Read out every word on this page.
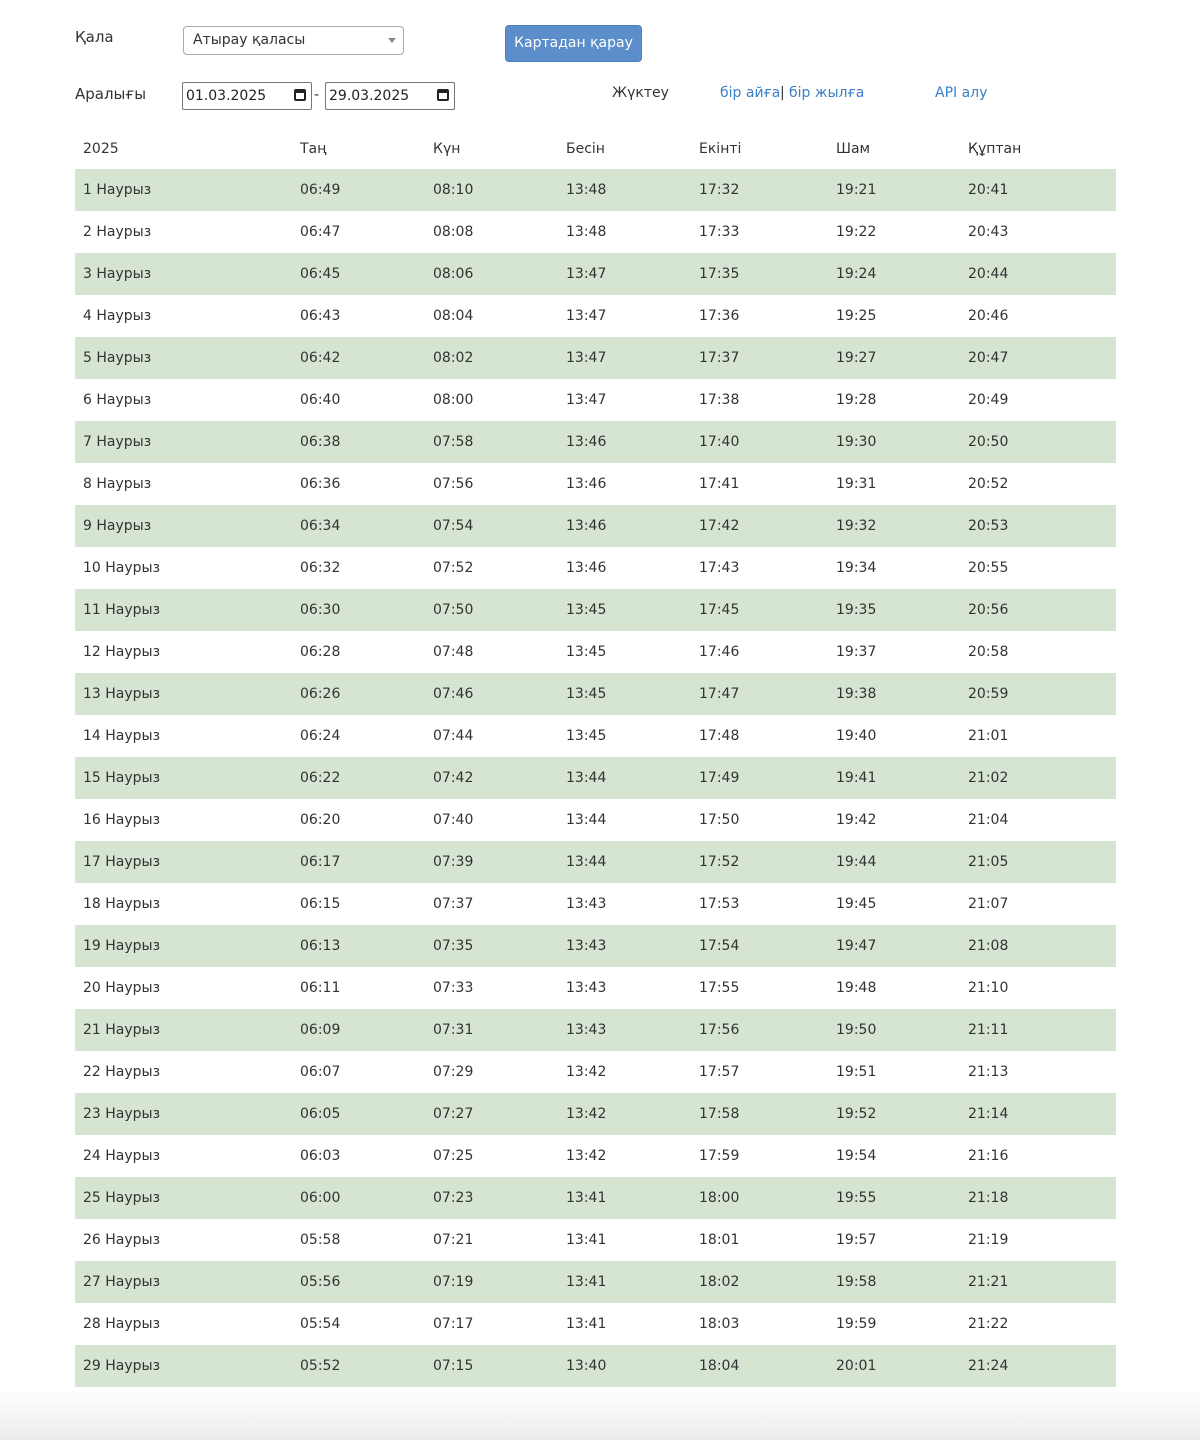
Қала	Атырау қаласы	Картадан қарау
Аралығы	01.03.2025	- 29.03.2025	Жүктеу	бір айға | бір жылға	API алу
2025	Таң	Күн	Бесін	Екінті	Шам	Құптан
1 Наурыз	06:49	08:10	13:48	17:32	19:21	20:41
2 Наурыз	06:47	08:08	13:48	17:33	19:22	20:43
3 Наурыз	06:45	08:06	13:47	17:35	19:24	20:44
4 Наурыз	06:43	08:04	13:47	17:36	19:25	20:46
5 Наурыз	06:42	08:02	13:47	17:37	19:27	20:47
6 Наурыз	06:40	08:00	13:47	17:38	19:28	20:49
7 Наурыз	06:38	07:58	13:46	17:40	19:30	20:50
8 Наурыз	06:36	07:56	13:46	17:41	19:31	20:52
9 Наурыз	06:34	07:54	13:46	17:42	19:32	20:53
10 Наурыз	06:32	07:52	13:46	17:43	19:34	20:55
11 Наурыз	06:30	07:50	13:45	17:45	19:35	20:56
12 Наурыз	06:28	07:48	13:45	17:46	19:37	20:58
13 Наурыз	06:26	07:46	13:45	17:47	19:38	20:59
14 Наурыз	06:24	07:44	13:45	17:48	19:40	21:01
15 Наурыз	06:22	07:42	13:44	17:49	19:41	21:02
16 Наурыз	06:20	07:40	13:44	17:50	19:42	21:04
17 Наурыз	06:17	07:39	13:44	17:52	19:44	21:05
18 Наурыз	06:15	07:37	13:43	17:53	19:45	21:07
19 Наурыз	06:13	07:35	13:43	17:54	19:47	21:08
20 Наурыз	06:11	07:33	13:43	17:55	19:48	21:10
21 Наурыз	06:09	07:31	13:43	17:56	19:50	21:11
22 Наурыз	06:07	07:29	13:42	17:57	19:51	21:13
23 Наурыз	06:05	07:27	13:42	17:58	19:52	21:14
24 Наурыз	06:03	07:25	13:42	17:59	19:54	21:16
25 Наурыз	06:00	07:23	13:41	18:00	19:55	21:18
26 Наурыз	05:58	07:21	13:41	18:01	19:57	21:19
27 Наурыз	05:56	07:19	13:41	18:02	19:58	21:21
28 Наурыз	05:54	07:17	13:41	18:03	19:59	21:22
29 Наурыз	05:52	07:15	13:40	18:04	20:01	21:24
